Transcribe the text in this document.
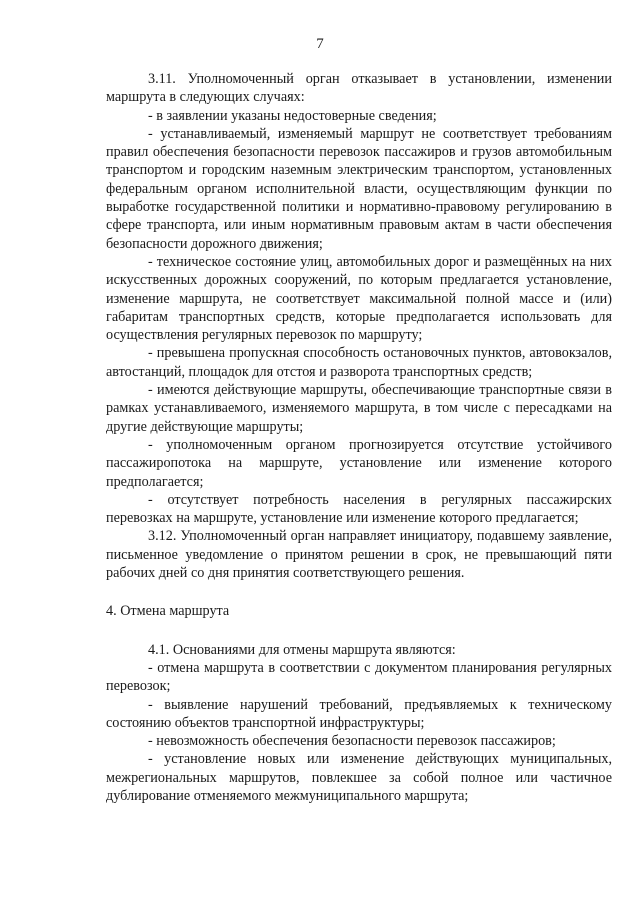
7

3.11. Уполномоченный орган отказывает в установлении, изменении маршрута в следующих случаях:

- в заявлении указаны недостоверные сведения;

- устанавливаемый, изменяемый маршрут не соответствует требованиям правил обеспечения безопасности перевозок пассажиров и грузов автомобильным транспортом и городским наземным электрическим транспортом, установленных федеральным органом исполнительной власти, осуществляющим функции по выработке государственной политики и нормативно-правовому регулированию в сфере транспорта, или иным нормативным правовым актам в части обеспечения безопасности дорожного движения;

- техническое состояние улиц, автомобильных дорог и размещённых на них искусственных дорожных сооружений, по которым предлагается установление, изменение маршрута, не соответствует максимальной полной массе и (или) габаритам транспортных средств, которые предполагается использовать для осуществления регулярных перевозок по маршруту;

- превышена пропускная способность остановочных пунктов, автовокзалов, автостанций, площадок для отстоя и разворота транспортных средств;

- имеются действующие маршруты, обеспечивающие транспортные связи в рамках устанавливаемого, изменяемого маршрута, в том числе с пересадками на другие действующие маршруты;

- уполномоченным органом прогнозируется отсутствие устойчивого пассажиропотока на маршруте, установление или изменение которого предполагается;

- отсутствует потребность населения в регулярных пассажирских перевозках на маршруте, установление или изменение которого предлагается;

3.12. Уполномоченный орган направляет инициатору, подавшему заявление, письменное уведомление о принятом решении в срок, не превышающий пяти рабочих дней со дня принятия соответствующего решения.

4. Отмена маршрута

4.1. Основаниями для отмены маршрута являются:

- отмена маршрута в соответствии с документом планирования регулярных перевозок;

- выявление нарушений требований, предъявляемых к техническому состоянию объектов транспортной инфраструктуры;

- невозможность обеспечения безопасности перевозок пассажиров;

- установление новых или изменение действующих муниципальных, межрегиональных маршрутов, повлекшее за собой полное или частичное дублирование отменяемого межмуниципального маршрута;
